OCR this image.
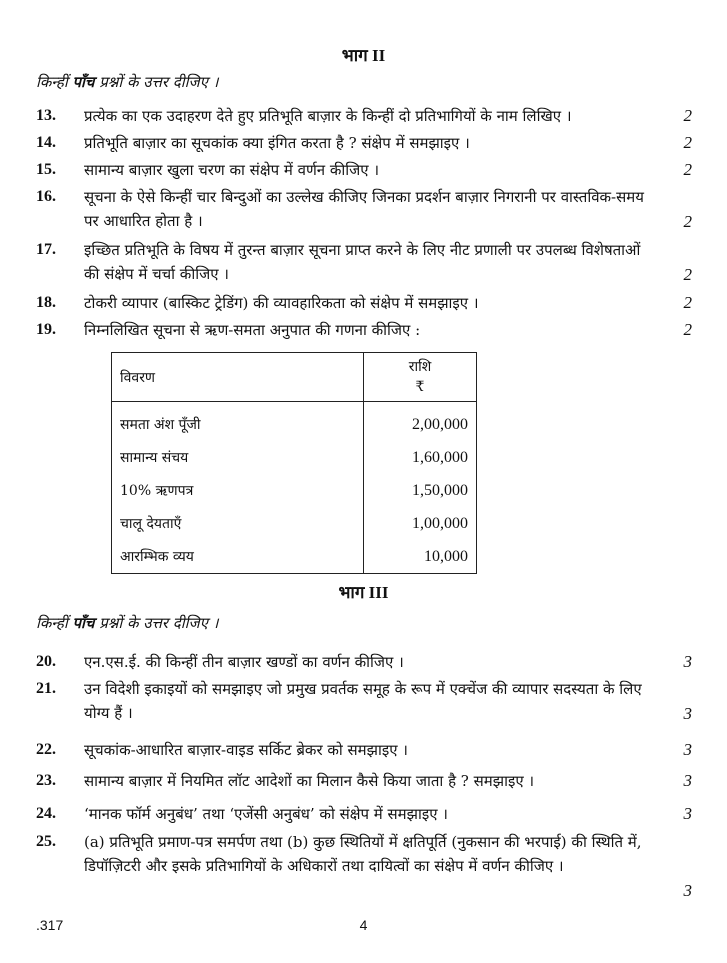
भाग II
किन्हीं पाँच प्रश्नों के उत्तर दीजिए ।
13. प्रत्येक का एक उदाहरण देते हुए प्रतिभूति बाज़ार के किन्हीं दो प्रतिभागियों के नाम लिखिए ।	2
14. प्रतिभूति बाज़ार का सूचकांक क्या इंगित करता है ? संक्षेप में समझाइए ।	2
15. सामान्य बाज़ार खुला चरण का संक्षेप में वर्णन कीजिए ।	2
16. सूचना के ऐसे किन्हीं चार बिन्दुओं का उल्लेख कीजिए जिनका प्रदर्शन बाज़ार निगरानी पर वास्तविक-समय पर आधारित होता है ।	2
17. इच्छित प्रतिभूति के विषय में तुरन्त बाज़ार सूचना प्राप्त करने के लिए नीट प्रणाली पर उपलब्ध विशेषताओं की संक्षेप में चर्चा कीजिए ।	2
18. टोकरी व्यापार (बास्किट ट्रेडिंग) की व्यावहारिकता को संक्षेप में समझाइए ।	2
19. निम्नलिखित सूचना से ऋण-समता अनुपात की गणना कीजिए :	2
विवरण	राशि
₹

समता अंश पूँजी	2,00,000
सामान्य संचय	1,60,000
10% ऋणपत्र	1,50,000
चालू देयताएँ	1,00,000
आरम्भिक व्यय	10,000
भाग III
किन्हीं पाँच प्रश्नों के उत्तर दीजिए ।
20. एन.एस.ई. की किन्हीं तीन बाज़ार खण्डों का वर्णन कीजिए ।	3
21. उन विदेशी इकाइयों को समझाइए जो प्रमुख प्रवर्तक समूह के रूप में एक्चेंज की व्यापार सदस्यता के लिए योग्य हैं ।	3
22. सूचकांक-आधारित बाज़ार-वाइड सर्किट ब्रेकर को समझाइए ।	3
23. सामान्य बाज़ार में नियमित लॉट आदेशों का मिलान कैसे किया जाता है ? समझाइए ।	3
24. ‘मानक फॉर्म अनुबंध’ तथा ‘एजेंसी अनुबंध’ को संक्षेप में समझाइए ।	3
25. (a) प्रतिभूति प्रमाण-पत्र समर्पण तथा (b) कुछ स्थितियों में क्षतिपूर्ति (नुकसान की भरपाई) की स्थिति में, डिपॉज़िटरी और इसके प्रतिभागियों के अधिकारों तथा दायित्वों का संक्षेप में वर्णन कीजिए ।
3
.317	4
